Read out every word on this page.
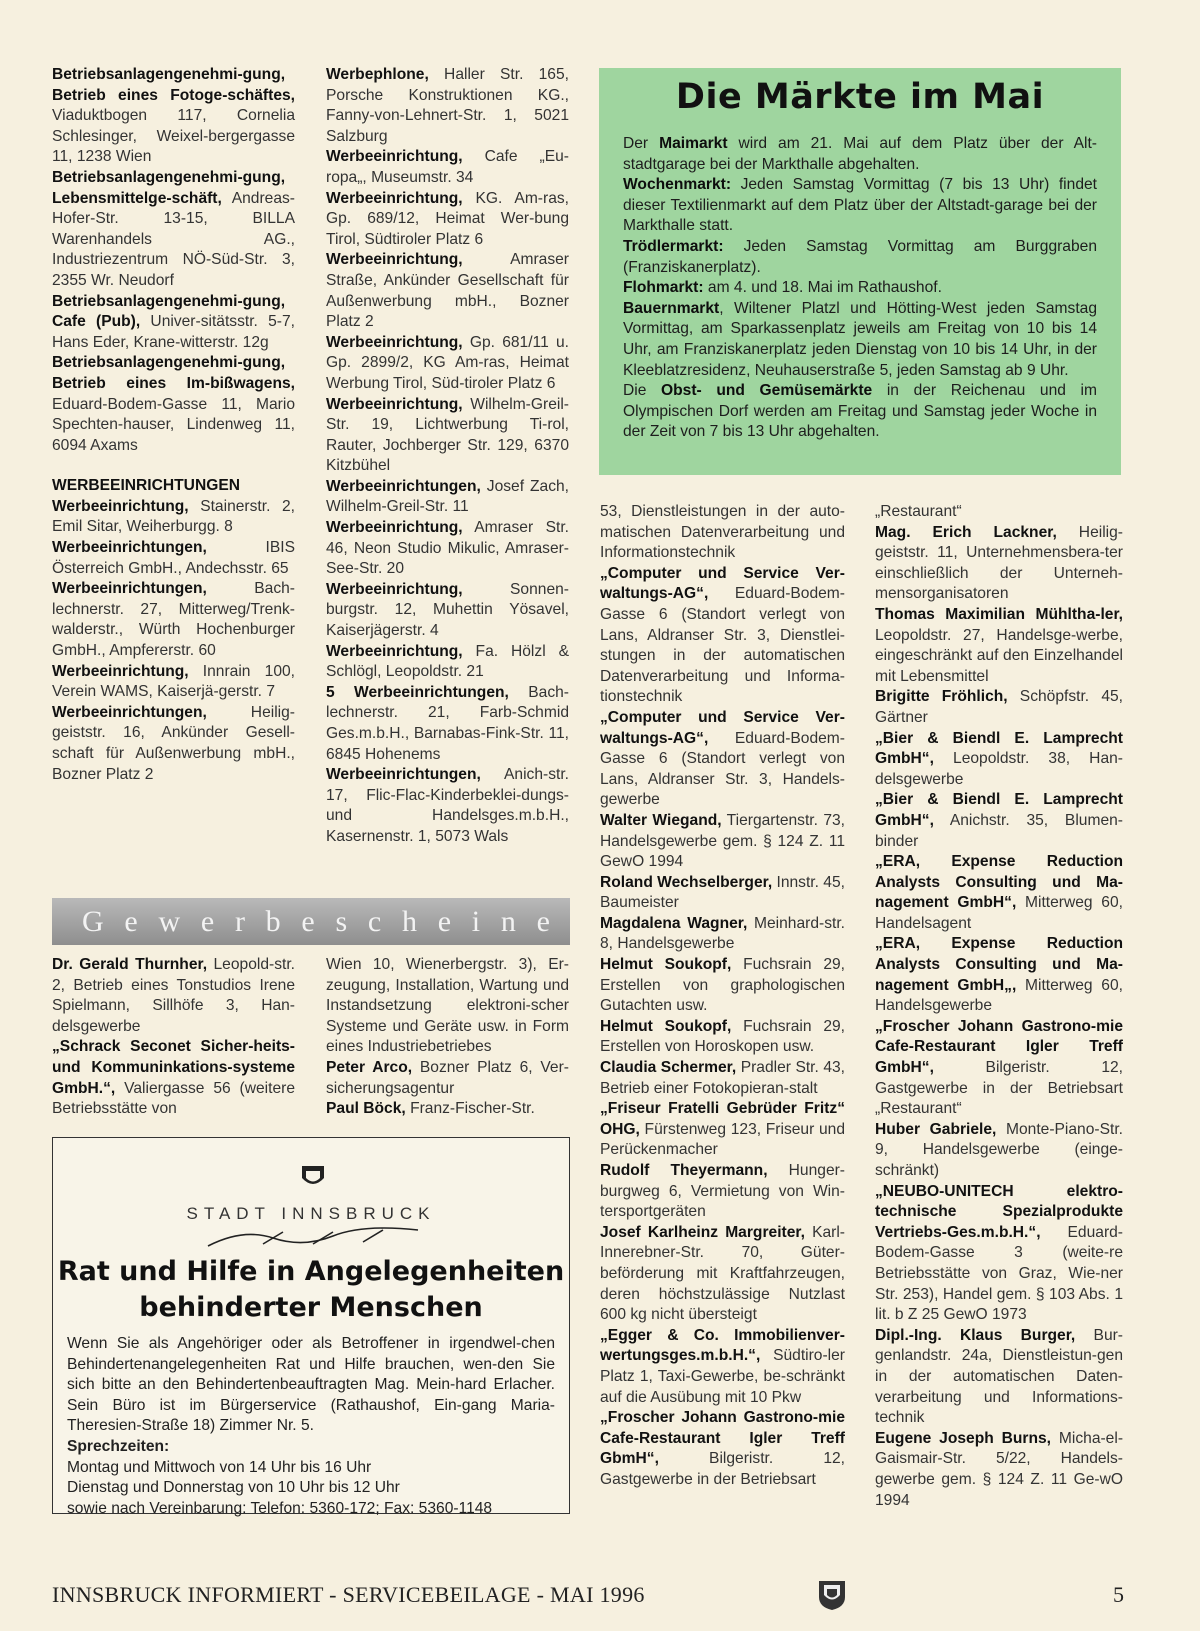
Betriebsanlagengenehmi-gung, Betrieb eines Fotoge-schäftes, Viaduktbogen 117, Cornelia Schlesinger, Weixel-bergergasse 11, 1238 Wien

Betriebsanlagengenehmi-gung, Lebensmittelge-schäft, Andreas-Hofer-Str. 13-15, BILLA Warenhandels AG., Industriezentrum NÖ-Süd-Str. 3, 2355 Wr. Neudorf

Betriebsanlagengenehmi-gung, Cafe (Pub), Univer-sitätsstr. 5-7, Hans Eder, Krane-witterstr. 12g

Betriebsanlagengenehmi-gung, Betrieb eines Im-bißwagens, Eduard-Bodem-Gasse 11, Mario Spechten-hauser, Lindenweg 11, 6094 Axams

WERBEEINRICHTUNGEN

Werbeeinrichtung, Stainerstr. 2, Emil Sitar, Weiherburgg. 8

Werbeeinrichtungen, IBIS Österreich GmbH., Andechsstr. 65

Werbeeinrichtungen, Bach-lechnerstr. 27, Mitterweg/Trenk-walderstr., Würth Hochenburger GmbH., Ampfererstr. 60

Werbeeinrichtung, Innrain 100, Verein WAMS, Kaiserjä-gerstr. 7

Werbeeinrichtungen, Heilig-geiststr. 16, Ankünder Gesell-schaft für Außenwerbung mbH., Bozner Platz 2

Werbephlone, Haller Str. 165, Porsche Konstruktionen KG., Fanny-von-Lehnert-Str. 1, 5021 Salzburg

Werbeeinrichtung, Cafe „Eu-ropa„, Museumstr. 34

Werbeeinrichtung, KG. Am-ras, Gp. 689/12, Heimat Wer-bung Tirol, Südtiroler Platz 6

Werbeeinrichtung, Amraser Straße, Ankünder Gesellschaft für Außenwerbung mbH., Bozner Platz 2

Werbeeinrichtung, Gp. 681/11 u. Gp. 2899/2, KG Am-ras, Heimat Werbung Tirol, Süd-tiroler Platz 6

Werbeeinrichtung, Wilhelm-Greil-Str. 19, Lichtwerbung Ti-rol, Rauter, Jochberger Str. 129, 6370 Kitzbühel

Werbeeinrichtungen, Josef Zach, Wilhelm-Greil-Str. 11

Werbeeinrichtung, Amraser Str. 46, Neon Studio Mikulic, Amraser-See-Str. 20

Werbeeinrichtung, Sonnen-burgstr. 12, Muhettin Yösavel, Kaiserjägerstr. 4

Werbeeinrichtung, Fa. Hölzl & Schlögl, Leopoldstr. 21

5 Werbeeinrichtungen, Bach-lechnerstr. 21, Farb-Schmid Ges.m.b.H., Barnabas-Fink-Str. 11, 6845 Hohenems

Werbeeinrichtungen, Anich-str. 17, Flic-Flac-Kinderbeklei-dungs- und Handelsges.m.b.H., Kasernenstr. 1, 5073 Wals

Die Märkte im Mai

Der Maimarkt wird am 21. Mai auf dem Platz über der Alt-stadtgarage bei der Markthalle abgehalten.

Wochenmarkt: Jeden Samstag Vormittag (7 bis 13 Uhr) findet dieser Textilienmarkt auf dem Platz über der Altstadt-garage bei der Markthalle statt.

Trödlermarkt: Jeden Samstag Vormittag am Burggraben (Franziskanerplatz).

Flohmarkt: am 4. und 18. Mai im Rathaushof.

Bauernmarkt, Wiltener Platzl und Hötting-West jeden Samstag Vormittag, am Sparkassenplatz jeweils am Freitag von 10 bis 14 Uhr, am Franziskanerplatz jeden Dienstag von 10 bis 14 Uhr, in der Kleeblatzresidenz, Neuhauserstraße 5, jeden Samstag ab 9 Uhr.

Die Obst- und Gemüsemärkte in der Reichenau und im Olympischen Dorf werden am Freitag und Samstag jeder Woche in der Zeit von 7 bis 13 Uhr abgehalten.

53, Dienstleistungen in der auto-matischen Datenverarbeitung und Informationstechnik

„Computer und Service Ver-waltungs-AG“, Eduard-Bodem-Gasse 6 (Standort verlegt von Lans, Aldranser Str. 3, Dienstlei-stungen in der automatischen Datenverarbeitung und Informa-tionstechnik

„Computer und Service Ver-waltungs-AG“, Eduard-Bodem-Gasse 6 (Standort verlegt von Lans, Aldranser Str. 3, Handels-gewerbe

Walter Wiegand, Tiergartenstr. 73, Handelsgewerbe gem. § 124 Z. 11 GewO 1994

Roland Wechselberger, Innstr. 45, Baumeister

Magdalena Wagner, Meinhard-str. 8, Handelsgewerbe

Helmut Soukopf, Fuchsrain 29, Erstellen von graphologischen Gutachten usw.

Helmut Soukopf, Fuchsrain 29, Erstellen von Horoskopen usw.

Claudia Schermer, Pradler Str. 43, Betrieb einer Fotokopieran-stalt

„Friseur Fratelli Gebrüder Fritz“ OHG, Fürstenweg 123, Friseur und Perückenmacher

Rudolf Theyermann, Hunger-burgweg 6, Vermietung von Win-tersportgeräten

Josef Karlheinz Margreiter, Karl-Innerebner-Str. 70, Güter-beförderung mit Kraftfahrzeugen, deren höchstzulässige Nutzlast 600 kg nicht übersteigt

„Egger & Co. Immobilienver-wertungsges.m.b.H.“, Südtiro-ler Platz 1, Taxi-Gewerbe, be-schränkt auf die Ausübung mit 10 Pkw

„Froscher Johann Gastrono-mie Cafe-Restaurant Igler Treff GbmH“, Bilgeristr. 12, Gastgewerbe in der Betriebsart

„Restaurant“

Mag. Erich Lackner, Heilig-geiststr. 11, Unternehmensbera-ter einschließlich der Unterneh-mensorganisatoren

Thomas Maximilian Mühltha-ler, Leopoldstr. 27, Handelsge-werbe, eingeschränkt auf den Einzelhandel mit Lebensmittel

Brigitte Fröhlich, Schöpfstr. 45, Gärtner

„Bier & Biendl E. Lamprecht GmbH“, Leopoldstr. 38, Han-delsgewerbe

„Bier & Biendl E. Lamprecht GmbH“, Anichstr. 35, Blumen-binder

„ERA, Expense Reduction Analysts Consulting und Ma-nagement GmbH“, Mitterweg 60, Handelsagent

„ERA, Expense Reduction Analysts Consulting und Ma-nagement GmbH„, Mitterweg 60, Handelsgewerbe

„Froscher Johann Gastrono-mie Cafe-Restaurant Igler Treff GmbH“, Bilgeristr. 12, Gastgewerbe in der Betriebsart „Restaurant“

Huber Gabriele, Monte-Piano-Str. 9, Handelsgewerbe (einge-schränkt)

„NEUBO-UNITECH elektro-technische Spezialprodukte Vertriebs-Ges.m.b.H.“, Eduard-Bodem-Gasse 3 (weite-re Betriebsstätte von Graz, Wie-ner Str. 253), Handel gem. § 103 Abs. 1 lit. b Z 25 GewO 1973

Dipl.-Ing. Klaus Burger, Bur-genlandstr. 24a, Dienstleistun-gen in der automatischen Daten-verarbeitung und Informations-technik

Eugene Joseph Burns, Micha-el-Gaismair-Str. 5/22, Handels-gewerbe gem. § 124 Z. 11 Ge-wO 1994

G e w e r b e s c h e i n e

Dr. Gerald Thurnher, Leopold-str. 2, Betrieb eines Tonstudios Irene Spielmann, Sillhöfe 3, Han-delsgewerbe

„Schrack Seconet Sicher-heits- und Kommuninkations-systeme GmbH.“, Valiergasse 56 (weitere Betriebsstätte von

Wien 10, Wienerbergstr. 3), Er-zeugung, Installation, Wartung und Instandsetzung elektroni-scher Systeme und Geräte usw. in Form eines Industriebetriebes

Peter Arco, Bozner Platz 6, Ver-sicherungsagentur

Paul Böck, Franz-Fischer-Str.

STADT INNSBRUCK
Rat und Hilfe in Angelegenheiten
behinderter Menschen

Wenn Sie als Angehöriger oder als Betroffener in irgendwel-chen Behindertenangelegenheiten Rat und Hilfe brauchen, wen-den Sie sich bitte an den Behindertenbeauftragten Mag. Mein-hard Erlacher. Sein Büro ist im Bürgerservice (Rathaushof, Ein-gang Maria-Theresien-Straße 18) Zimmer Nr. 5.

Sprechzeiten:

Montag und Mittwoch von 14 Uhr bis 16 Uhr

Dienstag und Donnerstag von 10 Uhr bis 12 Uhr

sowie nach Vereinbarung: Telefon: 5360-172; Fax: 5360-1148

INNSBRUCK INFORMIERT - SERVICEBEILAGE - MAI 1996	5
